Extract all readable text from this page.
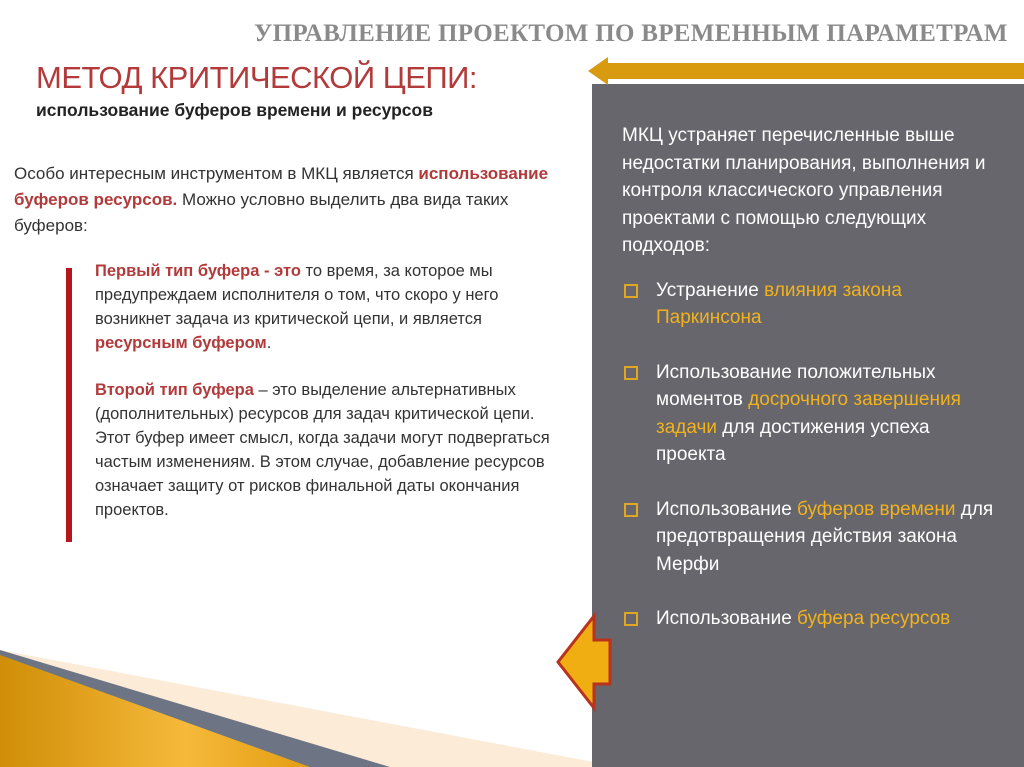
УПРАВЛЕНИЕ ПРОЕКТОМ ПО ВРЕМЕННЫМ ПАРАМЕТРАМ
МЕТОД КРИТИЧЕСКОЙ ЦЕПИ:
использование буферов времени и ресурсов
Особо интересным инструментом в МКЦ является использование буферов ресурсов. Можно условно выделить два вида таких буферов:

Первый тип буфера - это то время, за которое мы предупреждаем исполнителя о том, что скоро у него возникнет задача из критической цепи, и является ресурсным буфером.

Второй тип буфера – это выделение альтернативных (дополнительных) ресурсов для задач критической цепи. Этот буфер имеет смысл, когда задачи могут подвергаться частым изменениям. В этом случае, добавление ресурсов означает защиту от рисков финальной даты окончания проектов.

МКЦ устраняет перечисленные выше недостатки планирования, выполнения и контроля классического управления проектами с помощью следующих подходов:
Устранение влияния закона Паркинсона
Использование положительных моментов досрочного завершения задачи для достижения успеха проекта
Использование буферов времени для предотвращения действия закона Мерфи
Использование буфера ресурсов
